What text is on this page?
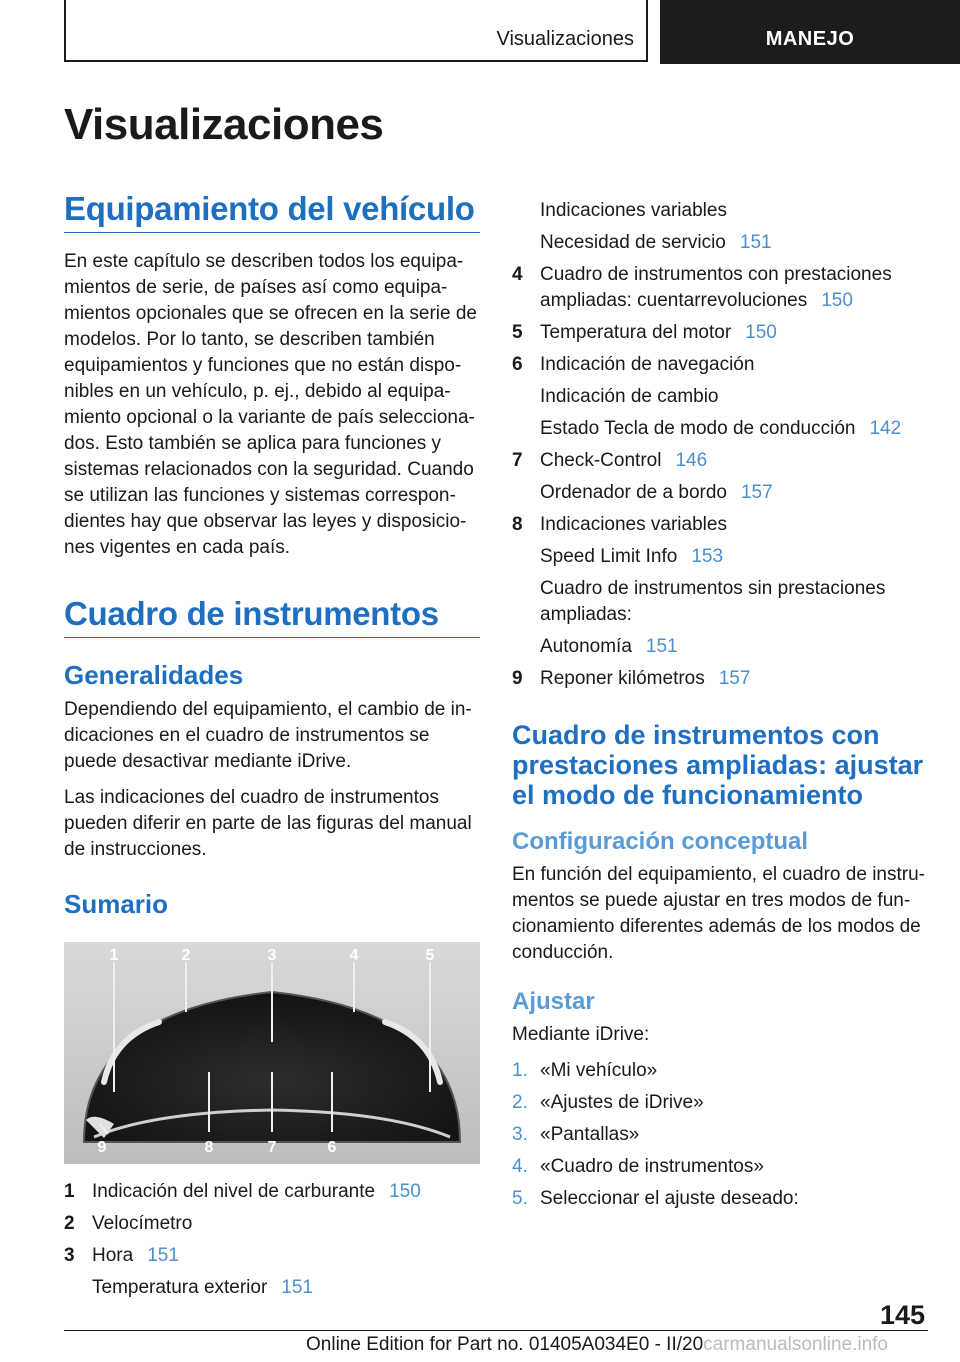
Visualizaciones	MANEJO
Visualizaciones
Equipamiento del vehículo

En este capítulo se describen todos los equipa‐mientos de serie, de países así como equipa‐mientos opcionales que se ofrecen en la serie de modelos. Por lo tanto, se describen también equipamientos y funciones que no están dispo‐nibles en un vehículo, p. ej., debido al equipa‐miento opcional o la variante de país selecciona‐dos. Esto también se aplica para funciones y sistemas relacionados con la seguridad. Cuando se utilizan las funciones y sistemas correspon‐dientes hay que observar las leyes y disposicio‐nes vigentes en cada país.

Cuadro de instrumentos
Generalidades

Dependiendo del equipamiento, el cambio de in‐dicaciones en el cuadro de instrumentos se puede desactivar mediante iDrive.

Las indicaciones del cuadro de instrumentos pueden diferir en parte de las figuras del manual de instrucciones.

Sumario
1	2	3	4	5
9	8	7	6
1 Indicación del nivel de carburante 150
2 Velocímetro
3 Hora 151
Temperatura exterior 151
Indicaciones variables
Necesidad de servicio 151
4 Cuadro de instrumentos con prestaciones ampliadas: cuentarrevoluciones 150
5 Temperatura del motor 150
6 Indicación de navegación
Indicación de cambio
Estado Tecla de modo de conducción 142
7 Check-Control 146
Ordenador de a bordo 157
8 Indicaciones variables
Speed Limit Info 153
Cuadro de instrumentos sin prestaciones ampliadas:
Autonomía 151
9 Reponer kilómetros 157
Cuadro de instrumentos con prestaciones ampliadas: ajustar el modo de funcionamiento
Configuración conceptual

En función del equipamiento, el cuadro de instru‐mentos se puede ajustar en tres modos de fun‐cionamiento diferentes además de los modos de conducción.

Ajustar

Mediante iDrive:

1. «Mi vehículo»
2. «Ajustes de iDrive»
3. «Pantallas»
4. «Cuadro de instrumentos»
5. Seleccionar el ajuste deseado:
145
Online Edition for Part no. 01405A034E0 - II/20carmanualsonline.info
